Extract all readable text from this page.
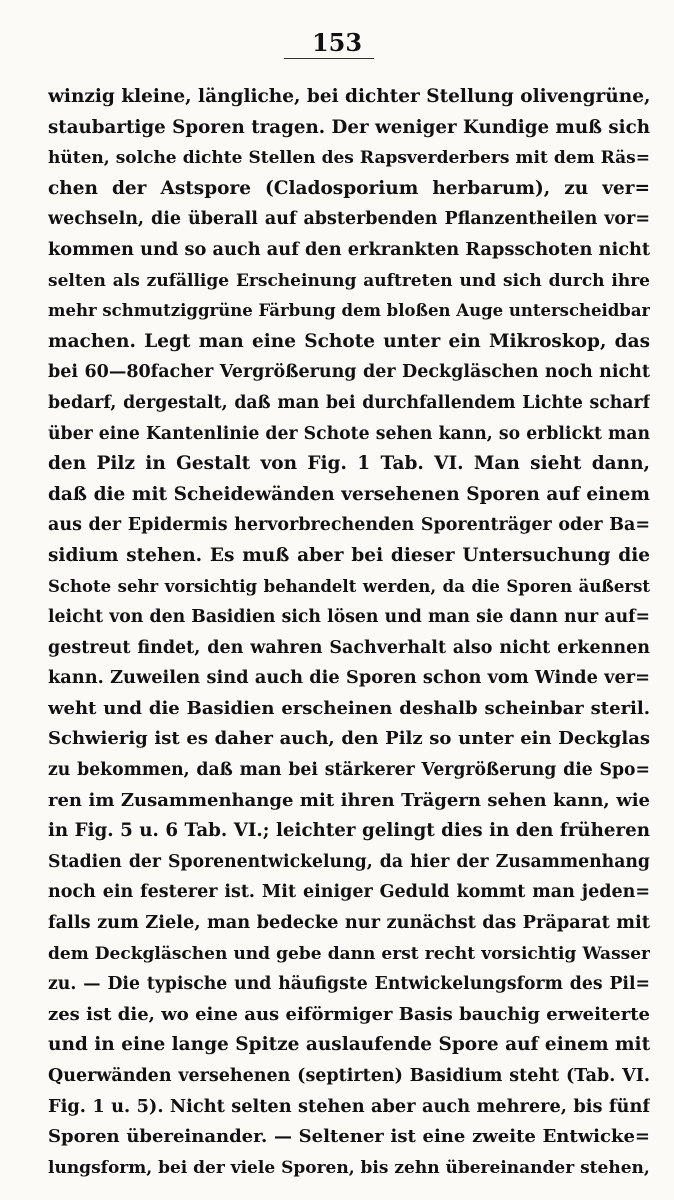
153
winzig kleine, längliche, bei dichter Stellung olivengrüne,
staubartige Sporen tragen. Der weniger Kundige muß sich
hüten, solche dichte Stellen des Rapsverderbers mit dem Räs=
chen der Astspore (Cladosporium herbarum), zu ver=
wechseln, die überall auf absterbenden Pflanzentheilen vor=
kommen und so auch auf den erkrankten Rapsschoten nicht
selten als zufällige Erscheinung auftreten und sich durch ihre
mehr schmutziggrüne Färbung dem bloßen Auge unterscheidbar
machen. Legt man eine Schote unter ein Mikroskop, das
bei 60—80facher Vergrößerung der Deckgläschen noch nicht
bedarf, dergestalt, daß man bei durchfallendem Lichte scharf
über eine Kantenlinie der Schote sehen kann, so erblickt man
den Pilz in Gestalt von Fig. 1 Tab. VI. Man sieht dann,
daß die mit Scheidewänden versehenen Sporen auf einem
aus der Epidermis hervorbrechenden Sporenträger oder Ba=
sidium stehen. Es muß aber bei dieser Untersuchung die
Schote sehr vorsichtig behandelt werden, da die Sporen äußerst
leicht von den Basidien sich lösen und man sie dann nur auf=
gestreut findet, den wahren Sachverhalt also nicht erkennen
kann. Zuweilen sind auch die Sporen schon vom Winde ver=
weht und die Basidien erscheinen deshalb scheinbar steril.
Schwierig ist es daher auch, den Pilz so unter ein Deckglas
zu bekommen, daß man bei stärkerer Vergrößerung die Spo=
ren im Zusammenhange mit ihren Trägern sehen kann, wie
in Fig. 5 u. 6 Tab. VI.; leichter gelingt dies in den früheren
Stadien der Sporenentwickelung, da hier der Zusammenhang
noch ein festerer ist. Mit einiger Geduld kommt man jeden=
falls zum Ziele, man bedecke nur zunächst das Präparat mit
dem Deckgläschen und gebe dann erst recht vorsichtig Wasser
zu. — Die typische und häufigste Entwickelungsform des Pil=
zes ist die, wo eine aus eiförmiger Basis bauchig erweiterte
und in eine lange Spitze auslaufende Spore auf einem mit
Querwänden versehenen (septirten) Basidium steht (Tab. VI.
Fig. 1 u. 5). Nicht selten stehen aber auch mehrere, bis fünf
Sporen übereinander. — Seltener ist eine zweite Entwicke=
lungsform, bei der viele Sporen, bis zehn übereinander stehen,
